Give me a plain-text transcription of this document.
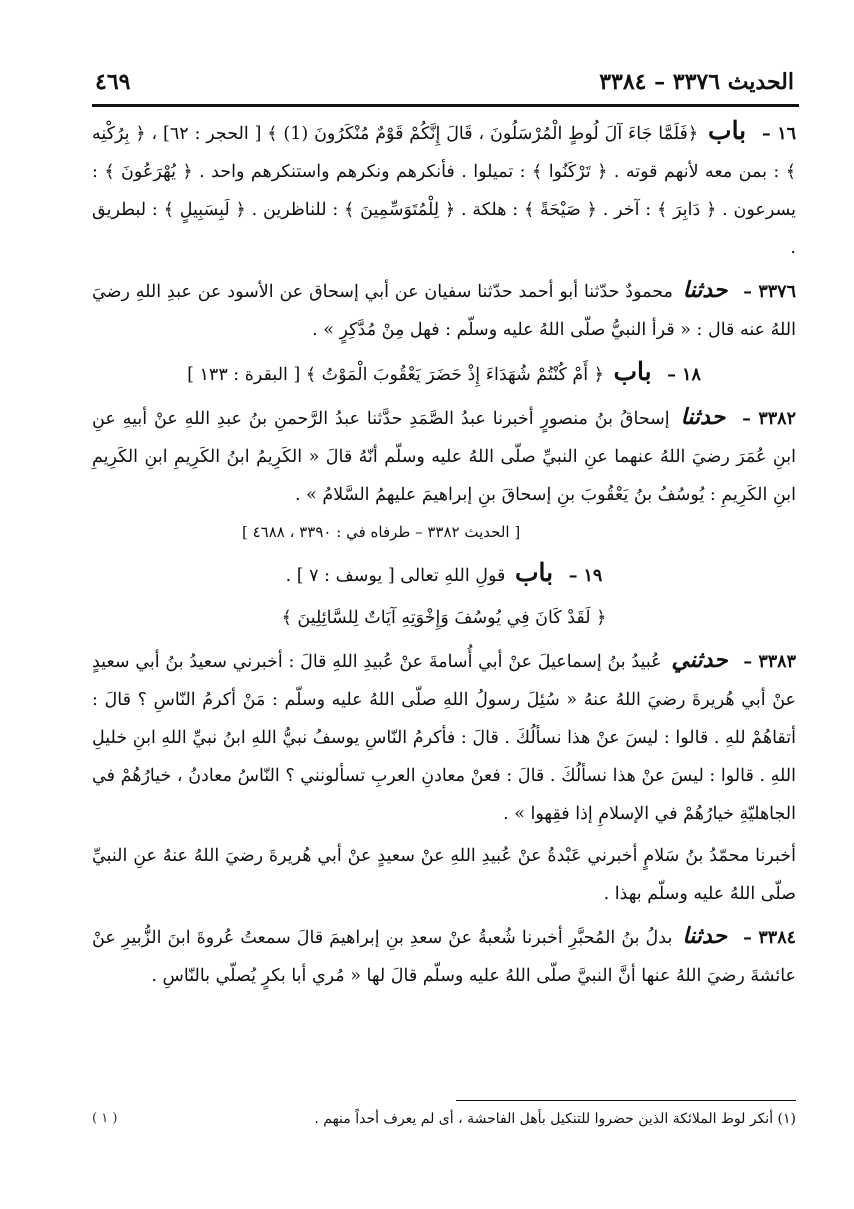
٤٦٩	الحديث ٣٣٧٦ – ٣٣٨٤

١٦ – باب ﴿فَلَمَّا جَاءَ آلَ لُوطٍ الْمُرْسَلُونَ ، قَالَ إِنَّكُمْ قَوْمٌ مُنْكَرُونَ (1) ﴾ [ الحجر : ٦٢] ، ﴿ بِرُكْنِه ﴾ : بمن معه لأنهم قوته . ﴿ تَرْكَنُوا ﴾ : تميلوا . فأنكرهم ونكرهم واستنكرهم واحد . ﴿ يُهْرَعُونَ ﴾ : يسرعون . ﴿ دَابِرَ ﴾ : آخر . ﴿ صَيْحَةً ﴾ : هلكة . ﴿ لِلْمُتَوَسِّمِينَ ﴾ : للناظرين . ﴿ لَبِسَبِيلٍ ﴾ : لبطريق .

٣٣٧٦ – حدثنا محمودٌ حدّثنا أبو أحمد حدّثنا سفيان عن أبي إسحاق عن الأسود عن عبدِ اللهِ رضيَ اللهُ عنه قال : « قرأ النبيُّ صلّى اللهُ عليه وسلّم : فهل مِنْ مُدَّكِرٍ » .

١٨ – باب ﴿ أَمْ كُنْتُمْ شُهَدَاءَ إِذْ حَضَرَ يَعْقُوبَ الْمَوْتُ ﴾ [ البقرة : ١٣٣ ]

٣٣٨٢ – حدثنا إسحاقُ بنُ منصورٍ أخبرنا عبدُ الصَّمَدِ حدَّثنا عبدُ الرَّحمنِ بنُ عبدِ اللهِ عنْ أبيهِ عنِ ابنِ عُمَرَ رضيَ اللهُ عنهما عنِ النبيِّ صلّى اللهُ عليه وسلّم أنّهُ قالَ « الكَرِيمُ ابنُ الكَرِيمِ ابنِ الكَرِيمِ ابنِ الكَرِيمِ : يُوسُفُ بنُ يَعْقُوبَ بنِ إسحاقَ بنِ إبراهيمَ عليهمُ السَّلامُ » .

[ الحديث ٣٣٨٢ – طرفاه في : ٣٣٩٠ ، ٤٦٨٨ ]

١٩ – باب قولِ اللهِ تعالى [ يوسف : ٧ ] .

﴿ لَقَدْ كَانَ فِي يُوسُفَ وَإِخْوَتِهِ آيَاتٌ لِلسَّائِلِينَ ﴾

٣٣٨٣ – حدثني عُبيدُ بنُ إسماعيلَ عنْ أبي أُسامةَ عنْ عُبيدِ اللهِ قالَ : أخبرني سعيدُ بنُ أبي سعيدٍ عنْ أبي هُريرةَ رضيَ اللهُ عنهُ « سُئِلَ رسولُ اللهِ صلّى اللهُ عليه وسلّم : مَنْ أكرمُ النّاسِ ؟ قالَ : أتقاهُمْ للهِ . قالوا : ليسَ عنْ هذا نسألُكَ . قالَ : فأكرمُ النّاسِ يوسفُ نبيُّ اللهِ ابنُ نبيِّ اللهِ ابنِ خليلِ اللهِ . قالوا : ليسَ عنْ هذا نسألُكَ . قالَ : فعنْ معادنِ العربِ تسألونني ؟ النّاسُ معادنُ ، خيارُهُمْ في الجاهليّةِ خيارُهُمْ في الإسلامِ إذا فقِهوا » .

أخبرنا محمّدُ بنُ سَلامٍ أخبرني عَبْدةُ عنْ عُبيدِ اللهِ عنْ سعيدٍ عنْ أبي هُريرةَ رضيَ اللهُ عنهُ عنِ النبيِّ صلّى اللهُ عليه وسلّم بهذا .

٣٣٨٤ – حدثنا بدلُ بنُ المُحبَّرِ أخبرنا شُعبةُ عنْ سعدِ بنِ إبراهيمَ قالَ سمعتُ عُروةَ ابنَ الزُّبيرِ عنْ عائشةَ رضيَ اللهُ عنها أنَّ النبيَّ صلّى اللهُ عليه وسلّم قالَ لها « مُري أبا بكرٍ يُصلّي بالنّاسِ .

(١) أنكر لوط الملائكة الذين حضروا للتنكيل بأهل الفاحشة ، أى لم يعرف أحداً منهم .
( ١ )
